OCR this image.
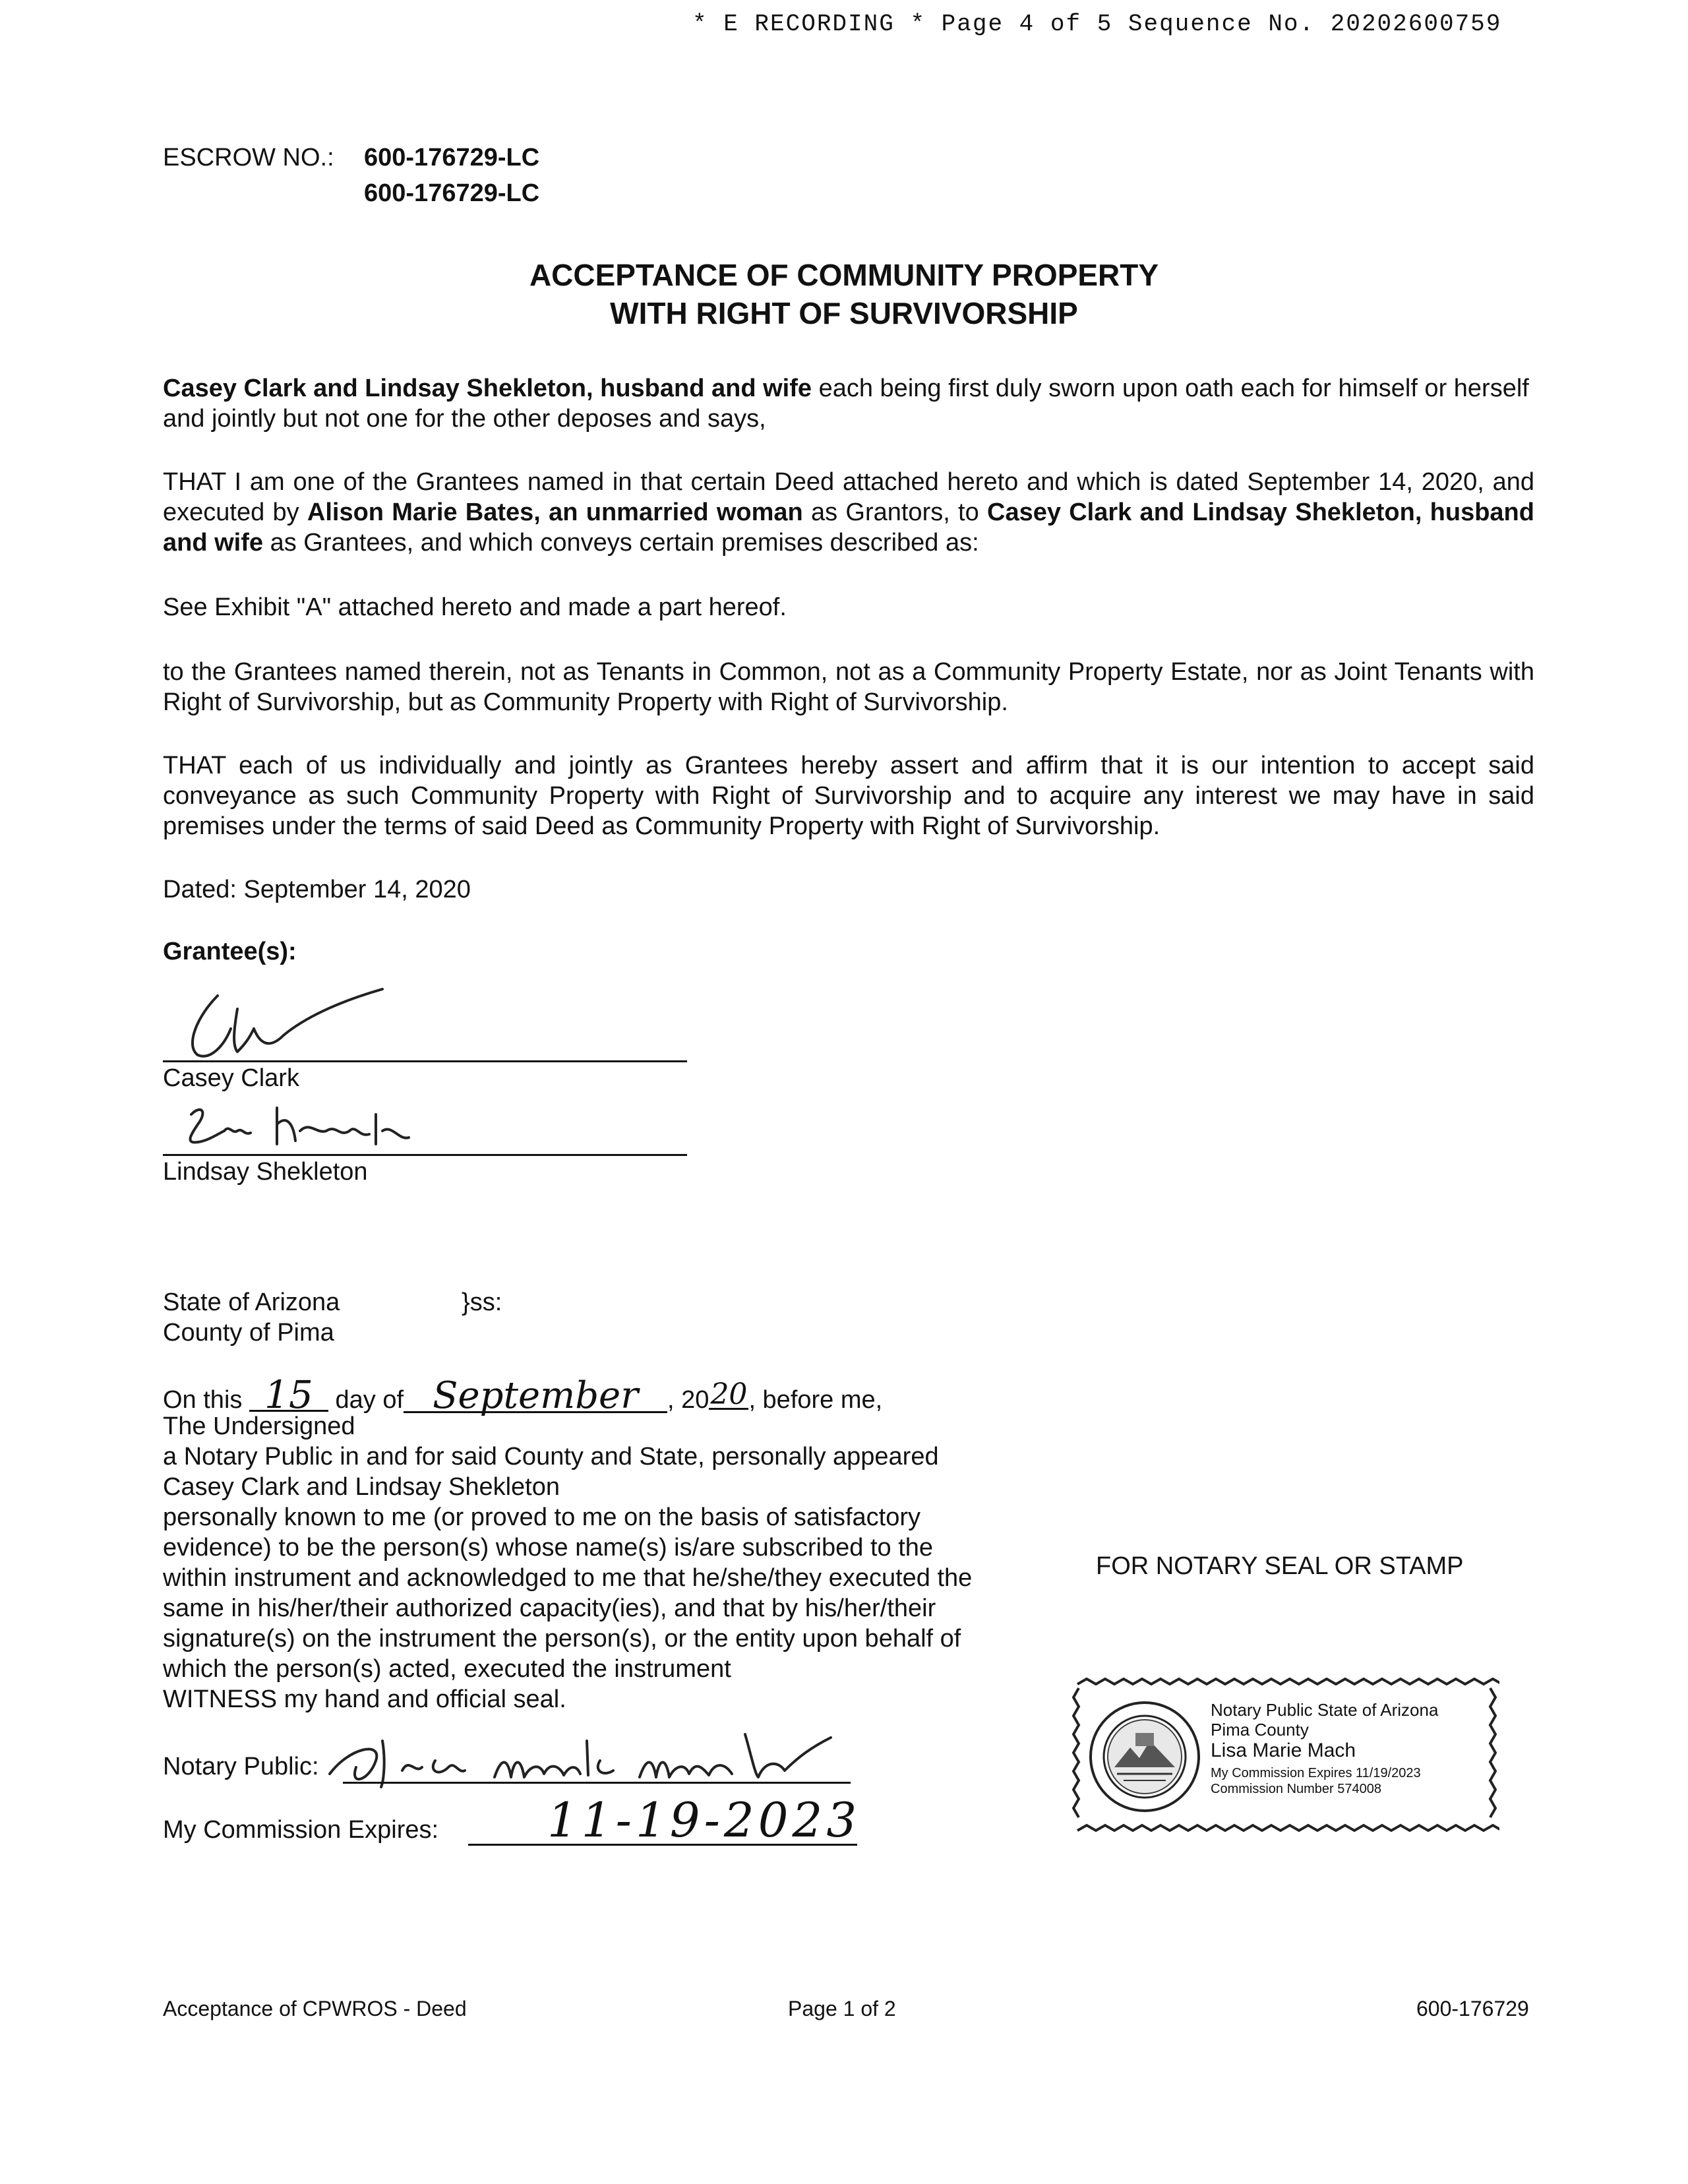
* E RECORDING * Page 4 of 5 Sequence No. 20202600759
ESCROW NO.: 600-176729-LC
600-176729-LC
ACCEPTANCE OF COMMUNITY PROPERTY
WITH RIGHT OF SURVIVORSHIP
Casey Clark and Lindsay Shekleton, husband and wife each being first duly sworn upon oath each for himself or herself and jointly but not one for the other deposes and says,
THAT I am one of the Grantees named in that certain Deed attached hereto and which is dated September 14, 2020, and executed by Alison Marie Bates, an unmarried woman as Grantors, to Casey Clark and Lindsay Shekleton, husband and wife as Grantees, and which conveys certain premises described as:
See Exhibit "A" attached hereto and made a part hereof.
to the Grantees named therein, not as Tenants in Common, not as a Community Property Estate, nor as Joint Tenants with Right of Survivorship, but as Community Property with Right of Survivorship.
THAT each of us individually and jointly as Grantees hereby assert and affirm that it is our intention to accept said conveyance as such Community Property with Right of Survivorship and to acquire any interest we may have in said premises under the terms of said Deed as Community Property with Right of Survivorship.
Dated: September 14, 2020
Grantee(s):
Casey Clark
Lindsay Shekleton
State of Arizona	}ss:
County of Pima
On this 15 day of September , 2020, before me,
The Undersigned
a Notary Public in and for said County and State, personally appeared
Casey Clark and Lindsay Shekleton
personally known to me (or proved to me on the basis of satisfactory
evidence) to be the person(s) whose name(s) is/are subscribed to the
within instrument and acknowledged to me that he/she/they executed the
same in his/her/their authorized capacity(ies), and that by his/her/their
signature(s) on the instrument the person(s), or the entity upon behalf of
which the person(s) acted, executed the instrument
WITNESS my hand and official seal.
Notary Public:
My Commission Expires: 11-19-2023
FOR NOTARY SEAL OR STAMP
Notary Public State of Arizona
Pima County
Lisa Marie Mach
My Commission Expires 11/19/2023
Commission Number 574008
Acceptance of CPWROS - Deed	Page 1 of 2	600-176729
